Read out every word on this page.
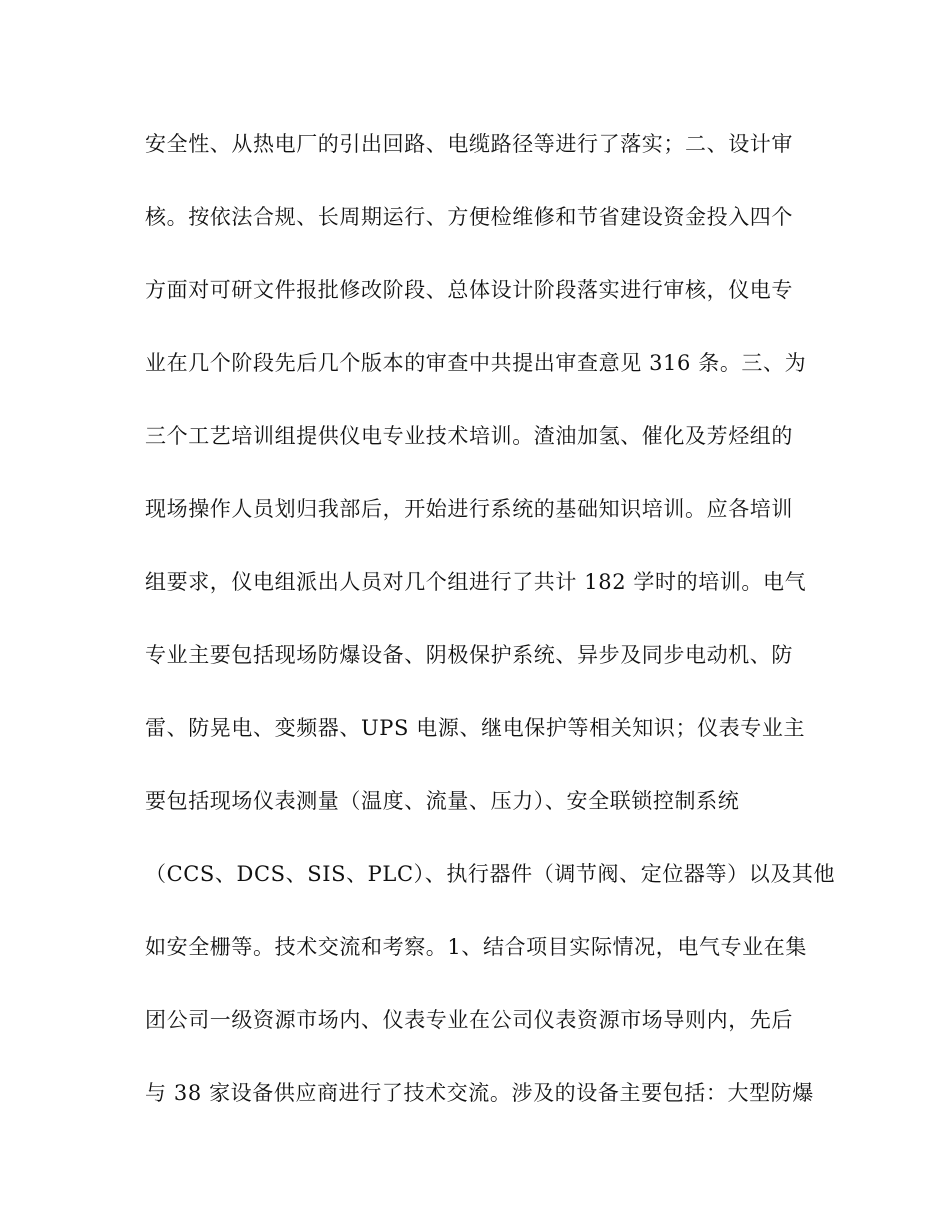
安全性、从热电厂的引出回路、电缆路径等进行了落实；二、设计审
核。按依法合规、长周期运行、方便检维修和节省建设资金投入四个
方面对可研文件报批修改阶段、总体设计阶段落实进行审核，仪电专
业在几个阶段先后几个版本的审查中共提出审查意见 316 条。三、为
三个工艺培训组提供仪电专业技术培训。渣油加氢、催化及芳烃组的
现场操作人员划归我部后，开始进行系统的基础知识培训。应各培训
组要求，仪电组派出人员对几个组进行了共计 182 学时的培训。电气
专业主要包括现场防爆设备、阴极保护系统、异步及同步电动机、防
雷、防晃电、变频器、UPS 电源、继电保护等相关知识；仪表专业主
要包括现场仪表测量（温度、流量、压力）、安全联锁控制系统
（CCS、DCS、SIS、PLC）、执行器件（调节阀、定位器等）以及其他
如安全栅等。技术交流和考察。1、结合项目实际情况，电气专业在集
团公司一级资源市场内、仪表专业在公司仪表资源市场导则内，先后
与 38 家设备供应商进行了技术交流。涉及的设备主要包括：大型防爆
